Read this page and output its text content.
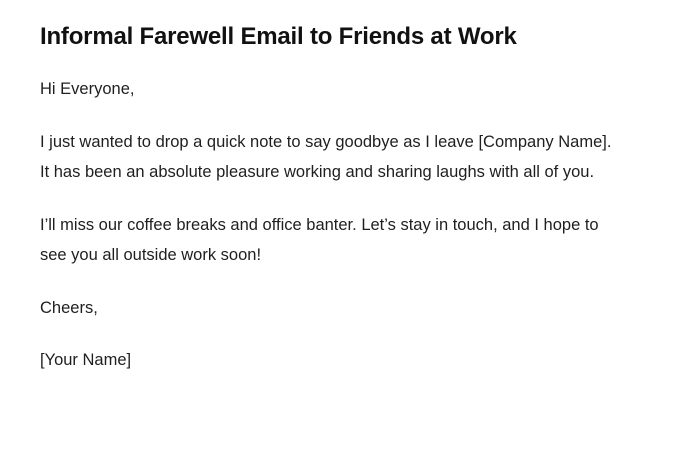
Informal Farewell Email to Friends at Work

Hi Everyone,

I just wanted to drop a quick note to say goodbye as I leave [Company Name]. It has been an absolute pleasure working and sharing laughs with all of you.

I’ll miss our coffee breaks and office banter. Let’s stay in touch, and I hope to see you all outside work soon!

Cheers,

[Your Name]
